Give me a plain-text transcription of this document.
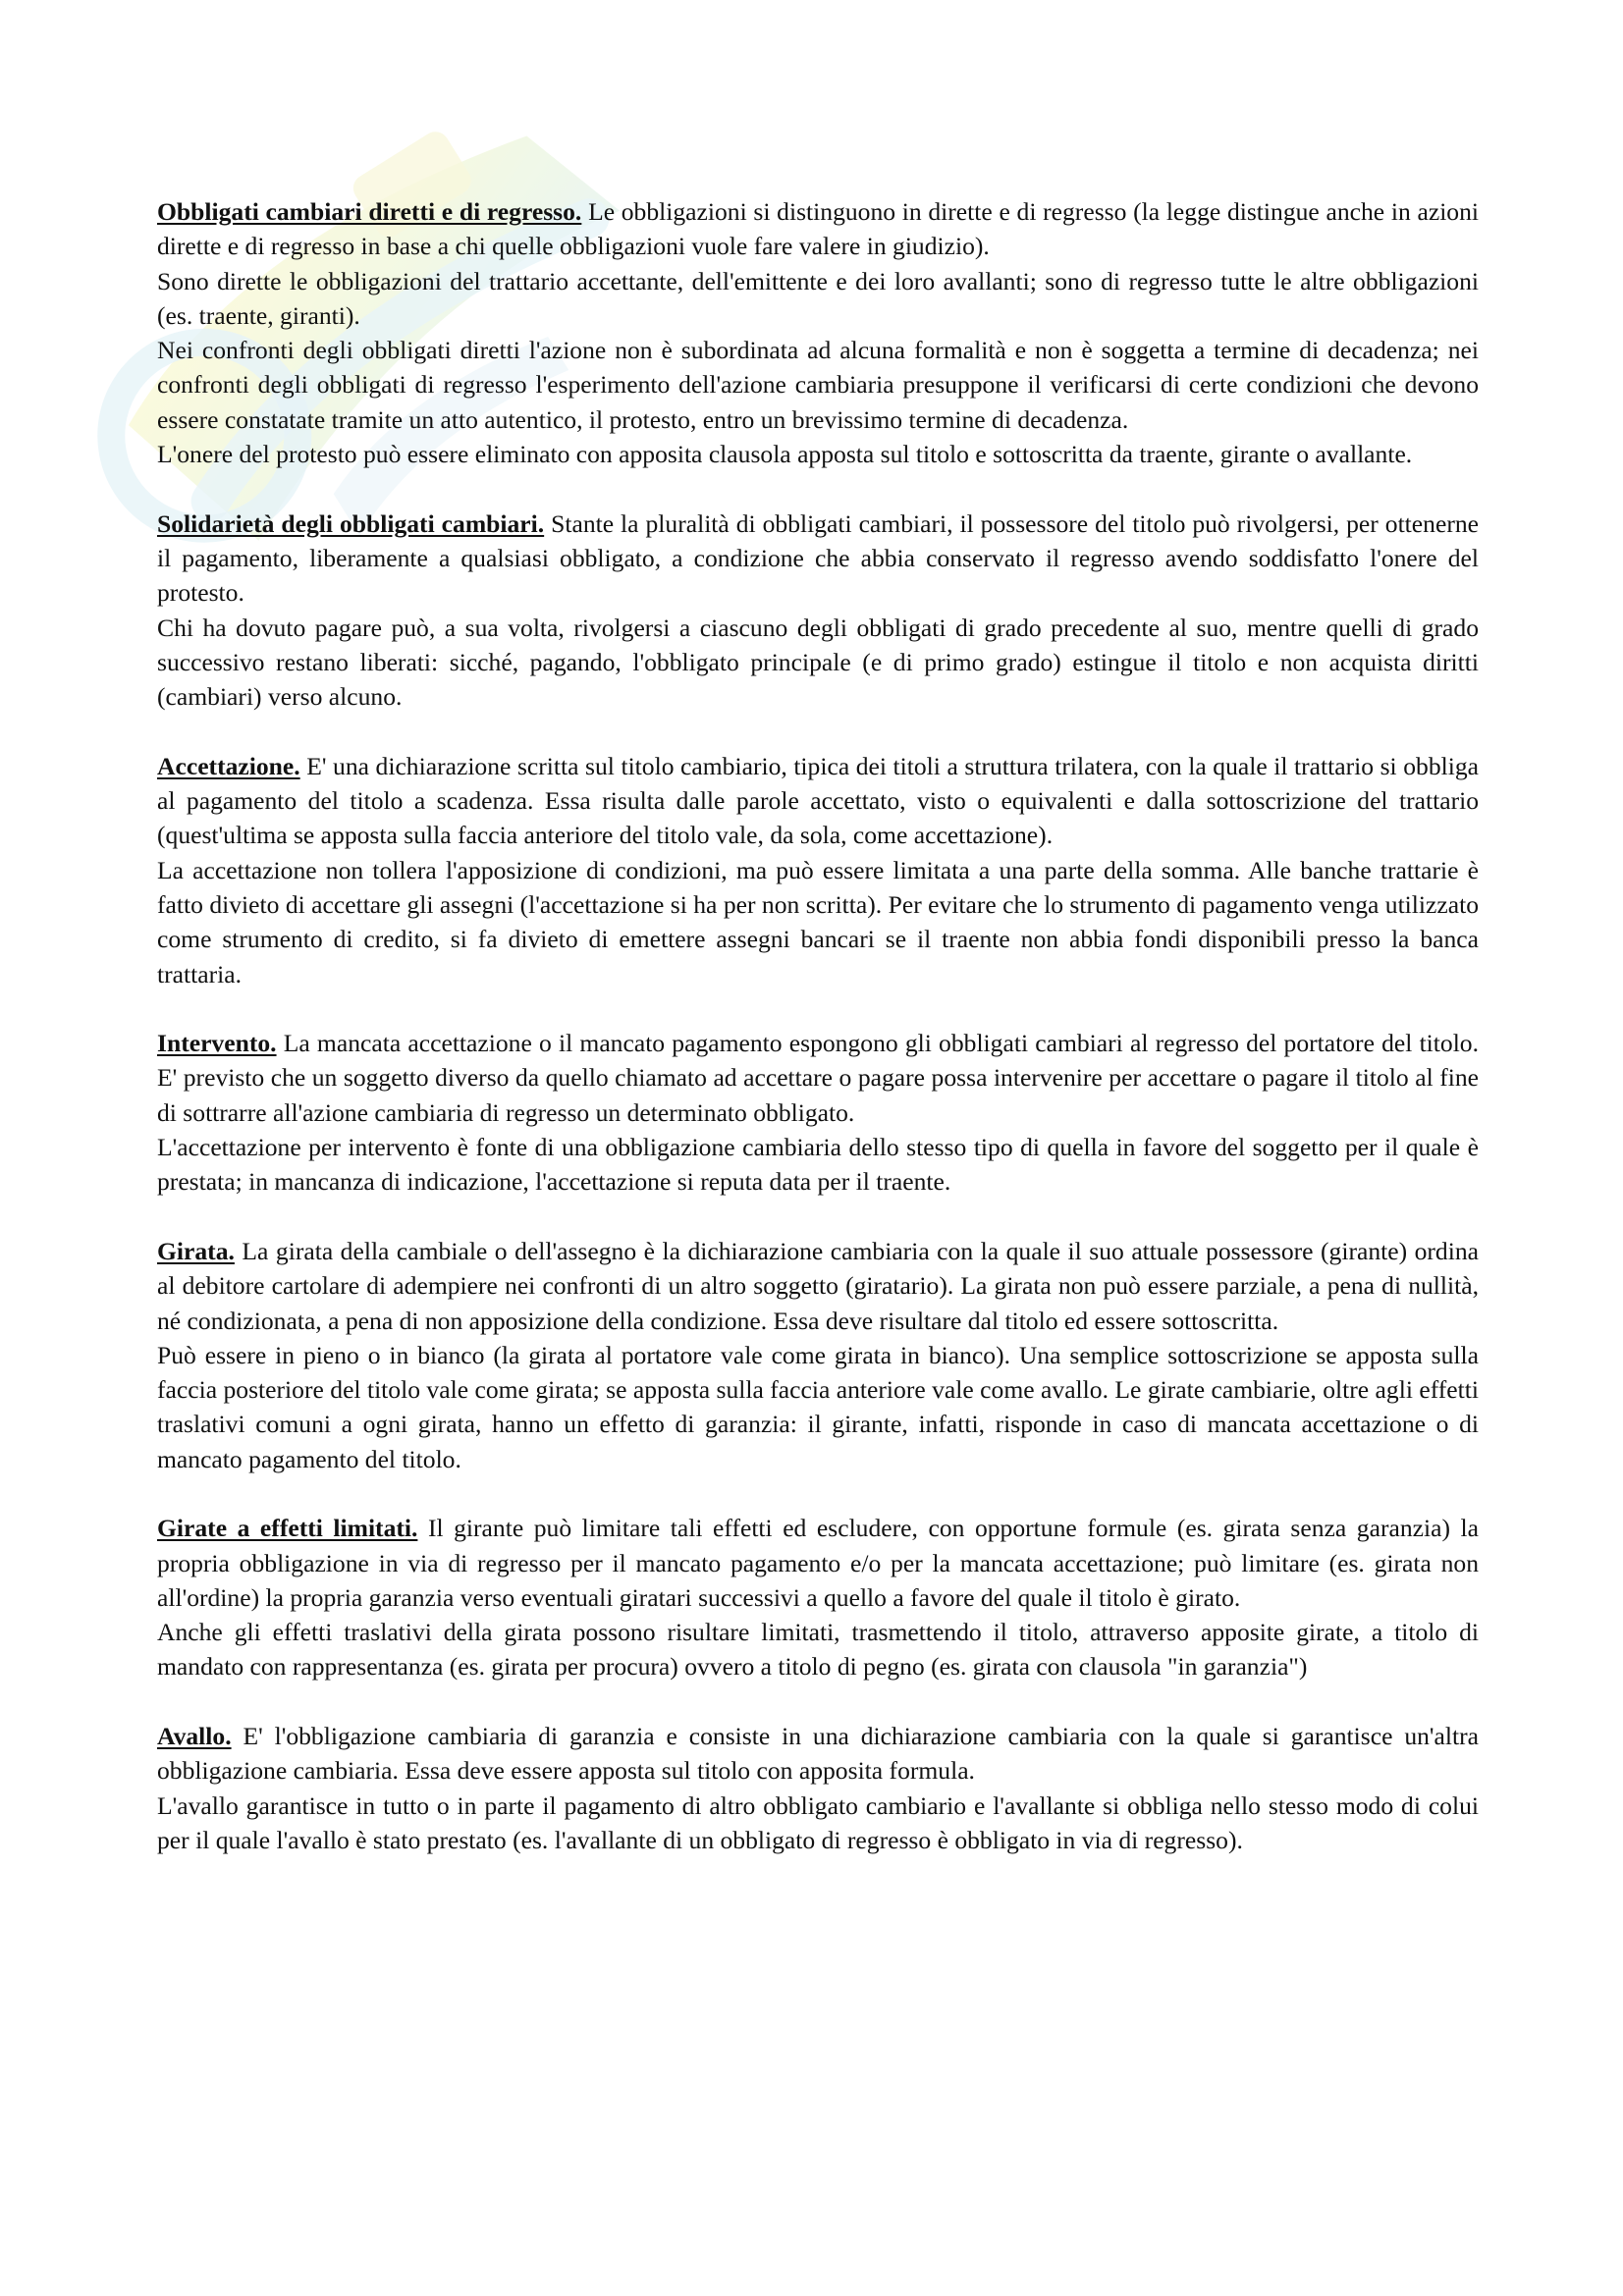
Obbligati cambiari diretti e di regresso. Le obbligazioni si distinguono in dirette e di regresso (la legge distingue anche in azioni dirette e di regresso in base a chi quelle obbligazioni vuole fare valere in giudizio).

Sono dirette le obbligazioni del trattario accettante, dell'emittente e dei loro avallanti; sono di regresso tutte le altre obbligazioni (es. traente, giranti).

Nei confronti degli obbligati diretti l'azione non è subordinata ad alcuna formalità e non è soggetta a termine di decadenza; nei confronti degli obbligati di regresso l'esperimento dell'azione cambiaria presuppone il verificarsi di certe condizioni che devono essere constatate tramite un atto autentico, il protesto, entro un brevissimo termine di decadenza.

L'onere del protesto può essere eliminato con apposita clausola apposta sul titolo e sottoscritta da traente, girante o avallante.

Solidarietà degli obbligati cambiari. Stante la pluralità di obbligati cambiari, il possessore del titolo può rivolgersi, per ottenerne il pagamento, liberamente a qualsiasi obbligato, a condizione che abbia conservato il regresso avendo soddisfatto l'onere del protesto.

Chi ha dovuto pagare può, a sua volta, rivolgersi a ciascuno degli obbligati di grado precedente al suo, mentre quelli di grado successivo restano liberati: sicché, pagando, l'obbligato principale (e di primo grado) estingue il titolo e non acquista diritti (cambiari) verso alcuno.

Accettazione. E' una dichiarazione scritta sul titolo cambiario, tipica dei titoli a struttura trilatera, con la quale il trattario si obbliga al pagamento del titolo a scadenza. Essa risulta dalle parole accettato, visto o equivalenti e dalla sottoscrizione del trattario (quest'ultima se apposta sulla faccia anteriore del titolo vale, da sola, come accettazione).

La accettazione non tollera l'apposizione di condizioni, ma può essere limitata a una parte della somma. Alle banche trattarie è fatto divieto di accettare gli assegni (l'accettazione si ha per non scritta). Per evitare che lo strumento di pagamento venga utilizzato come strumento di credito, si fa divieto di emettere assegni bancari se il traente non abbia fondi disponibili presso la banca trattaria.

Intervento. La mancata accettazione o il mancato pagamento espongono gli obbligati cambiari al regresso del portatore del titolo. E' previsto che un soggetto diverso da quello chiamato ad accettare o pagare possa intervenire per accettare o pagare il titolo al fine di sottrarre all'azione cambiaria di regresso un determinato obbligato.

L'accettazione per intervento è fonte di una obbligazione cambiaria dello stesso tipo di quella in favore del soggetto per il quale è prestata; in mancanza di indicazione, l'accettazione si reputa data per il traente.

Girata. La girata della cambiale o dell'assegno è la dichiarazione cambiaria con la quale il suo attuale possessore (girante) ordina al debitore cartolare di adempiere nei confronti di un altro soggetto (giratario). La girata non può essere parziale, a pena di nullità, né condizionata, a pena di non apposizione della condizione. Essa deve risultare dal titolo ed essere sottoscritta.

Può essere in pieno o in bianco (la girata al portatore vale come girata in bianco). Una semplice sottoscrizione se apposta sulla faccia posteriore del titolo vale come girata; se apposta sulla faccia anteriore vale come avallo. Le girate cambiarie, oltre agli effetti traslativi comuni a ogni girata, hanno un effetto di garanzia: il girante, infatti, risponde in caso di mancata accettazione o di mancato pagamento del titolo.

Girate a effetti limitati. Il girante può limitare tali effetti ed escludere, con opportune formule (es. girata senza garanzia) la propria obbligazione in via di regresso per il mancato pagamento e/o per la mancata accettazione; può limitare (es. girata non all'ordine) la propria garanzia verso eventuali giratari successivi a quello a favore del quale il titolo è girato.

Anche gli effetti traslativi della girata possono risultare limitati, trasmettendo il titolo, attraverso apposite girate, a titolo di mandato con rappresentanza (es. girata per procura) ovvero a titolo di pegno (es. girata con clausola "in garanzia")

Avallo. E' l'obbligazione cambiaria di garanzia e consiste in una dichiarazione cambiaria con la quale si garantisce un'altra obbligazione cambiaria. Essa deve essere apposta sul titolo con apposita formula.

L'avallo garantisce in tutto o in parte il pagamento di altro obbligato cambiario e l'avallante si obbliga nello stesso modo di colui per il quale l'avallo è stato prestato (es. l'avallante di un obbligato di regresso è obbligato in via di regresso).
